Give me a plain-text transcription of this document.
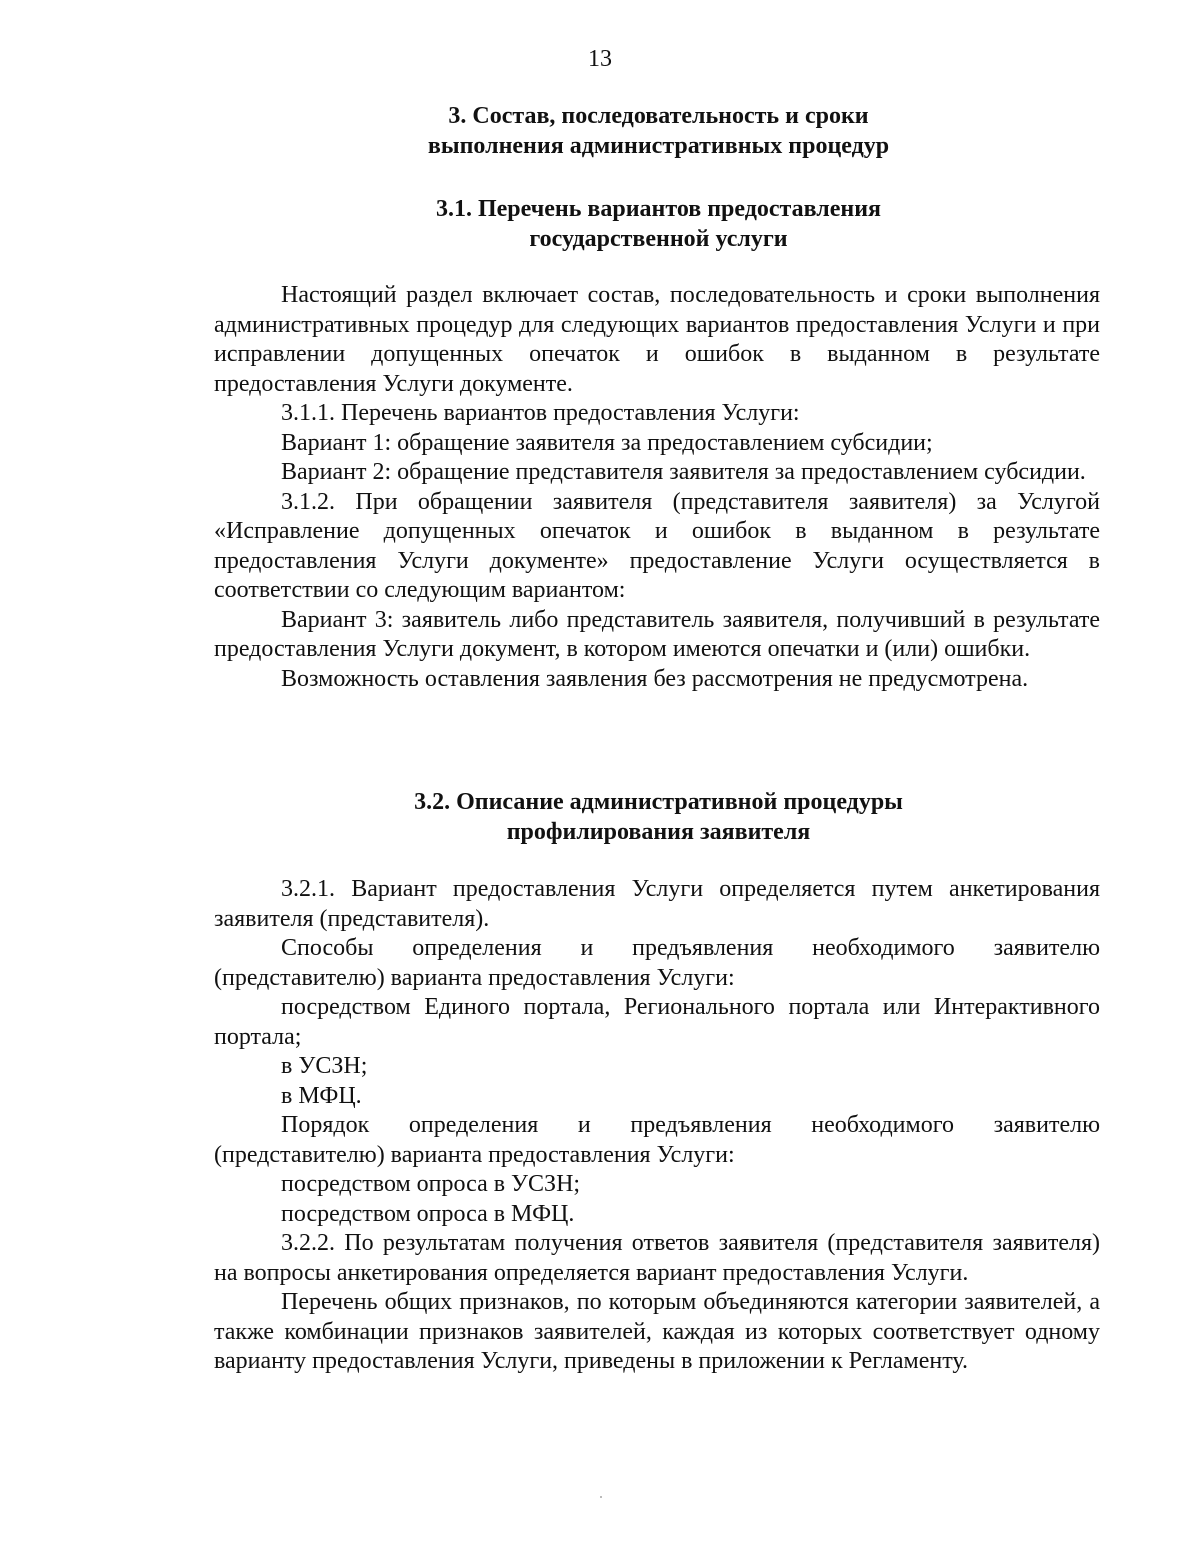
13
3. Состав, последовательность и сроки
выполнения административных процедур
3.1. Перечень вариантов предоставления
государственной услуги

Настоящий раздел включает состав, последовательность и сроки выполнения административных процедур для следующих вариантов предоставления Услуги и при исправлении допущенных опечаток и ошибок в выданном в результате предоставления Услуги документе.

3.1.1. Перечень вариантов предоставления Услуги:

Вариант 1: обращение заявителя за предоставлением субсидии;

Вариант 2: обращение представителя заявителя за предоставлением субсидии.

3.1.2. При обращении заявителя (представителя заявителя) за Услугой «Исправление допущенных опечаток и ошибок в выданном в результате предоставления Услуги документе» предоставление Услуги осуществляется в соответствии со следующим вариантом:

Вариант 3: заявитель либо представитель заявителя, получивший в результате предоставления Услуги документ, в котором имеются опечатки и (или) ошибки.

Возможность оставления заявления без рассмотрения не предусмотрена.

3.2. Описание административной процедуры
профилирования заявителя

3.2.1. Вариант предоставления Услуги определяется путем анкетирования заявителя (представителя).

Способы определения и предъявления необходимого заявителю (представителю) варианта предоставления Услуги:

посредством Единого портала, Регионального портала или Интерактивного портала;

в УСЗН;

в МФЦ.

Порядок определения и предъявления необходимого заявителю (представителю) варианта предоставления Услуги:

посредством опроса в УСЗН;

посредством опроса в МФЦ.

3.2.2. По результатам получения ответов заявителя (представителя заявителя) на вопросы анкетирования определяется вариант предоставления Услуги.

Перечень общих признаков, по которым объединяются категории заявителей, а также комбинации признаков заявителей, каждая из которых соответствует одному варианту предоставления Услуги, приведены в приложении к Регламенту.
